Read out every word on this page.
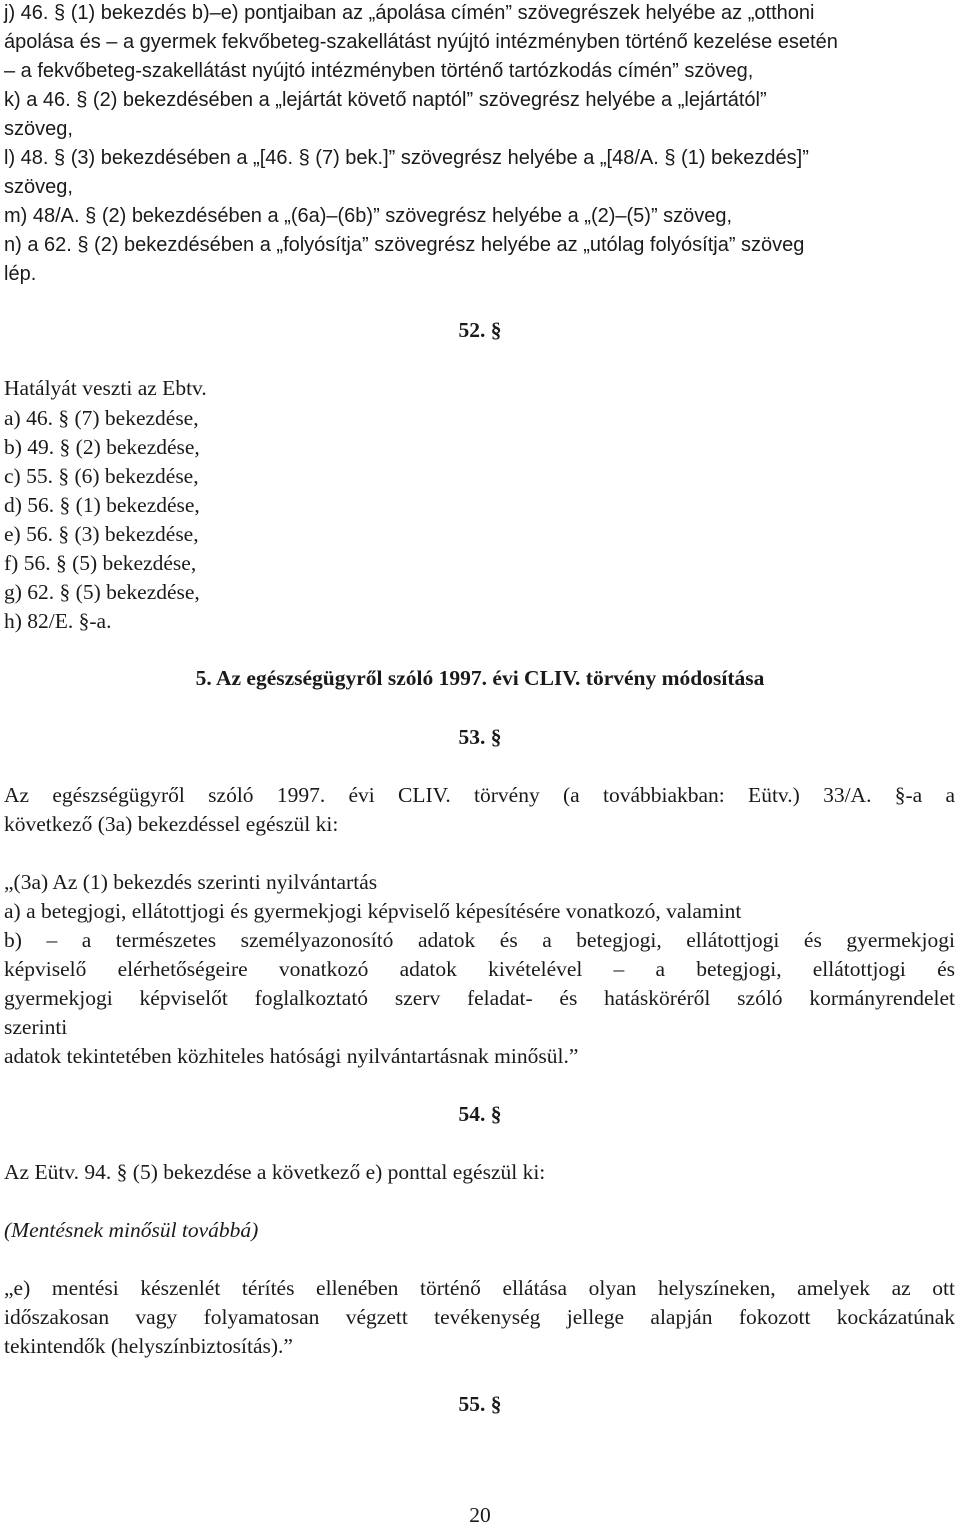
j) 46. § (1) bekezdés b)–e) pontjaiban az „ápolása címén” szövegrészek helyébe az „otthoni
ápolása és – a gyermek fekvőbeteg-szakellátást nyújtó intézményben történő kezelése esetén
– a fekvőbeteg-szakellátást nyújtó intézményben történő tartózkodás címén” szöveg,
k) a 46. § (2) bekezdésében a „lejártát követő naptól” szövegrész helyébe a „lejártától”
szöveg,
l) 48. § (3) bekezdésében a „[46. § (7) bek.]” szövegrész helyébe a „[48/A. § (1) bekezdés]”
szöveg,
m) 48/A. § (2) bekezdésében a „(6a)–(6b)” szövegrész helyébe a „(2)–(5)” szöveg,
n) a 62. § (2) bekezdésében a „folyósítja” szövegrész helyébe az „utólag folyósítja” szöveg
lép.
52. §
Hatályát veszti az Ebtv.
a) 46. § (7) bekezdése,
b) 49. § (2) bekezdése,
c) 55. § (6) bekezdése,
d) 56. § (1) bekezdése,
e) 56. § (3) bekezdése,
f) 56. § (5) bekezdése,
g) 62. § (5) bekezdése,
h) 82/E. §-a.
5. Az egészségügyről szóló 1997. évi CLIV. törvény módosítása
53. §
Az egészségügyről szóló 1997. évi CLIV. törvény (a továbbiakban: Eütv.) 33/A. §-a a
következő (3a) bekezdéssel egészül ki:
„(3a) Az (1) bekezdés szerinti nyilvántartás
a) a betegjogi, ellátottjogi és gyermekjogi képviselő képesítésére vonatkozó, valamint
b) – a természetes személyazonosító adatok és a betegjogi, ellátottjogi és gyermekjogi
képviselő elérhetőségeire vonatkozó adatok kivételével – a betegjogi, ellátottjogi és
gyermekjogi képviselőt foglalkoztató szerv feladat- és hatásköréről szóló kormányrendelet
szerinti
adatok tekintetében közhiteles hatósági nyilvántartásnak minősül.”
54. §
Az Eütv. 94. § (5) bekezdése a következő e) ponttal egészül ki:
(Mentésnek minősül továbbá)
„e) mentési készenlét térítés ellenében történő ellátása olyan helyszíneken, amelyek az ott
időszakosan vagy folyamatosan végzett tevékenység jellege alapján fokozott kockázatúnak
tekintendők (helyszínbiztosítás).”
55. §
20
